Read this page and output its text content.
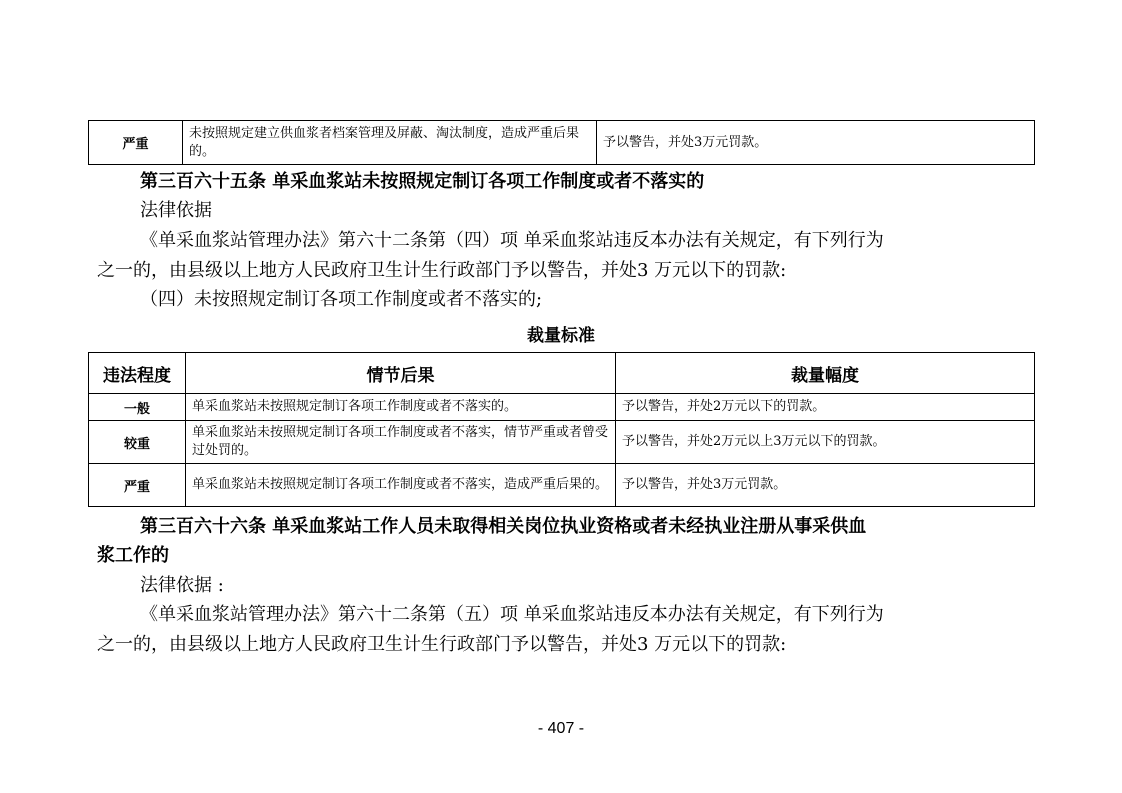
严重	未按照规定建立供血浆者档案管理及屏蔽、淘汰制度，造成严重后果的。	予以警告，并处3万元罚款。
第三百六十五条 单采血浆站未按照规定制订各项工作制度或者不落实的
法律依据
《单采血浆站管理办法》第六十二条第（四）项 单采血浆站违反本办法有关规定，有下列行为
之一的，由县级以上地方人民政府卫生计生行政部门予以警告，并处3 万元以下的罚款:
（四）未按照规定制订各项工作制度或者不落实的;
裁量标准
违法程度	情节后果	裁量幅度
一般	单采血浆站未按照规定制订各项工作制度或者不落实的。	予以警告，并处2万元以下的罚款。
较重	单采血浆站未按照规定制订各项工作制度或者不落实，情节严重或者曾受过处罚的。	予以警告，并处2万元以上3万元以下的罚款。
严重	单采血浆站未按照规定制订各项工作制度或者不落实，造成严重后果的。	予以警告，并处3万元罚款。
第三百六十六条 单采血浆站工作人员未取得相关岗位执业资格或者未经执业注册从事采供血
浆工作的
法律依据 :
《单采血浆站管理办法》第六十二条第（五）项 单采血浆站违反本办法有关规定，有下列行为
之一的，由县级以上地方人民政府卫生计生行政部门予以警告，并处3 万元以下的罚款:
- 407 -
